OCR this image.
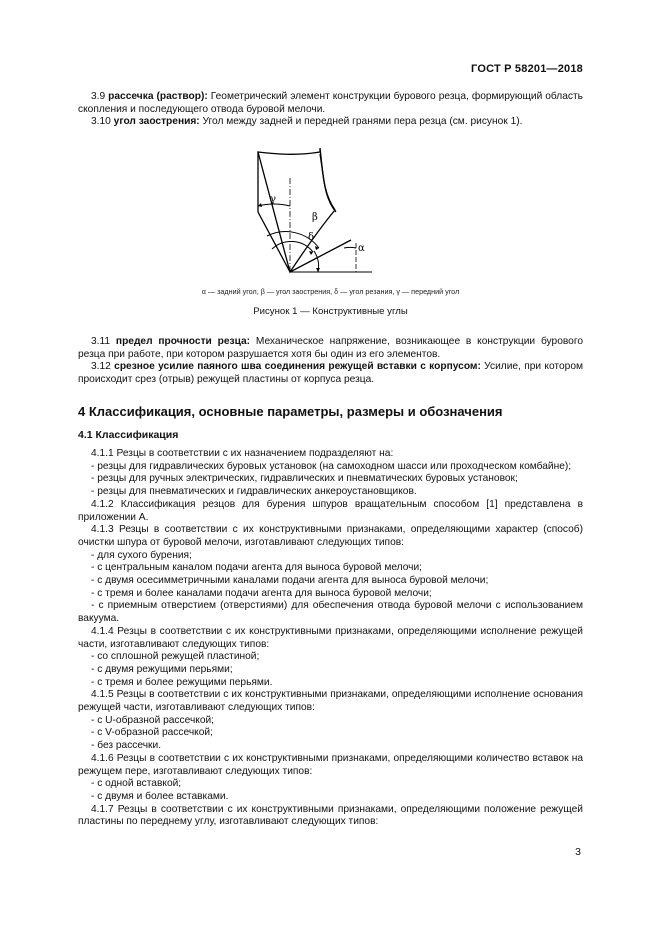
ГОСТ Р 58201—2018

3.9 рассечка (раствор): Геометрический элемент конструкции бурового резца, формирующий область скопления и последующего отвода буровой мелочи.

3.10 угол заострения: Угол между задней и передней гранями пера резца (см. рисунок 1).

γ
β
δ
α
α — задний угол, β — угол заострения, δ — угол резания, γ — передний угол
Рисунок 1 — Конструктивные углы

3.11 предел прочности резца: Механическое напряжение, возникающее в конструкции бурового резца при работе, при котором разрушается хотя бы один из его элементов.

3.12 срезное усилие паяного шва соединения режущей вставки с корпусом: Усилие, при котором происходит срез (отрыв) режущей пластины от корпуса резца.

4 Классификация, основные параметры, размеры и обозначения
4.1 Классификация

4.1.1 Резцы в соответствии с их назначением подразделяют на:

- резцы для гидравлических буровых установок (на самоходном шасси или проходческом комбайне);

- резцы для ручных электрических, гидравлических и пневматических буровых установок;

- резцы для пневматических и гидравлических анкероустановщиков.

4.1.2 Классификация резцов для бурения шпуров вращательным способом [1] представлена в приложении А.

4.1.3 Резцы в соответствии с их конструктивными признаками, определяющими характер (способ) очистки шпура от буровой мелочи, изготавливают следующих типов:

- для сухого бурения;

- с центральным каналом подачи агента для выноса буровой мелочи;

- с двумя осесимметричными каналами подачи агента для выноса буровой мелочи;

- с тремя и более каналами подачи агента для выноса буровой мелочи;

- с приемным отверстием (отверстиями) для обеспечения отвода буровой мелочи с использованием вакуума.

4.1.4 Резцы в соответствии с их конструктивными признаками, определяющими исполнение режущей части, изготавливают следующих типов:

- со сплошной режущей пластиной;

- с двумя режущими перьями;

- с тремя и более режущими перьями.

4.1.5 Резцы в соответствии с их конструктивными признаками, определяющими исполнение основания режущей части, изготавливают следующих типов:

- с U-образной рассечкой;

- с V-образной рассечкой;

- без рассечки.

4.1.6 Резцы в соответствии с их конструктивными признаками, определяющими количество вставок на режущем пере, изготавливают следующих типов:

- с одной вставкой;

- с двумя и более вставками.

4.1.7 Резцы в соответствии с их конструктивными признаками, определяющими положение режущей пластины по переднему углу, изготавливают следующих типов:

3
